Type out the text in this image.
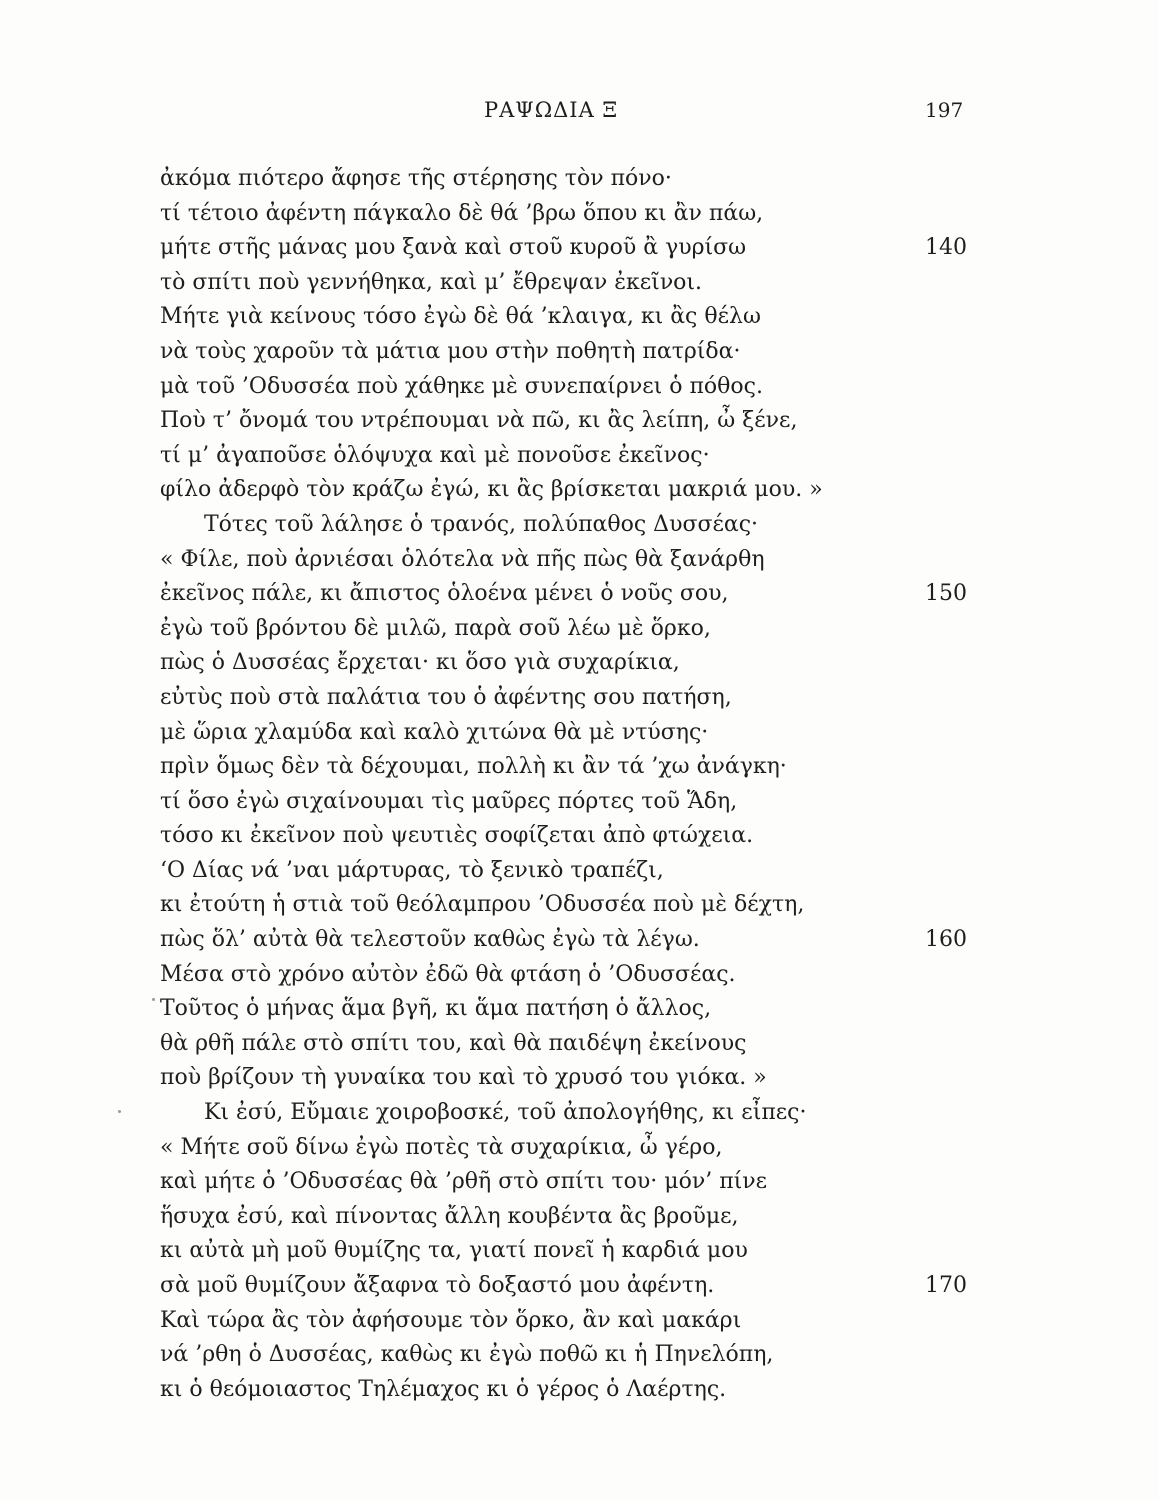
ΡΑΨΩΔΙΑ Ξ	197
ἀκόμα πιότερο ἄφησε τῆς στέρησης τὸν πόνο·
τί τέτοιο ἀφέντη πάγκαλο δὲ θά ’βρω ὅπου κι ἂν πάω,
μήτε στῆς μάνας μου ξανὰ καὶ στοῦ κυροῦ ἂ γυρίσω	140
τὸ σπίτι ποὺ γεννήθηκα, καὶ μ’ ἔθρεψαν ἐκεῖνοι.
Μήτε γιὰ κείνους τόσο ἐγὼ δὲ θά ’κλαιγα, κι ἂς θέλω
νὰ τοὺς χαροῦν τὰ μάτια μου στὴν ποθητὴ πατρίδα·
μὰ τοῦ ’Οδυσσέα ποὺ χάθηκε μὲ συνεπαίρνει ὁ πόθος.
Ποὺ τ’ ὄνομά του ντρέπουμαι νὰ πῶ, κι ἂς λείπη, ὦ ξένε,
τί μ’ ἀγαποῦσε ὁλόψυχα καὶ μὲ πονοῦσε ἐκεῖνος·
φίλο ἀδερφὸ τὸν κράζω ἐγώ, κι ἂς βρίσκεται μακριά μου. »
Τότες τοῦ λάλησε ὁ τρανός, πολύπαθος Δυσσέας·
« Φίλε, ποὺ ἀρνιέσαι ὁλότελα νὰ πῆς πὼς θὰ ξανάρθη
ἐκεῖνος πάλε, κι ἄπιστος ὁλοένα μένει ὁ νοῦς σου,	150
ἐγὼ τοῦ βρόντου δὲ μιλῶ, παρὰ σοῦ λέω μὲ ὅρκο,
πὼς ὁ Δυσσέας ἔρχεται· κι ὅσο γιὰ συχαρίκια,
εὐτὺς ποὺ στὰ παλάτια του ὁ ἀφέντης σου πατήση,
μὲ ὥρια χλαμύδα καὶ καλὸ χιτώνα θὰ μὲ ντύσης·
πρὶν ὅμως δὲν τὰ δέχουμαι, πολλὴ κι ἂν τά ’χω ἀνάγκη·
τί ὅσο ἐγὼ σιχαίνουμαι τὶς μαῦρες πόρτες τοῦ Ἅδη,
τόσο κι ἐκεῖνον ποὺ ψευτιὲς σοφίζεται ἀπὸ φτώχεια.
‘Ο Δίας νά ’ναι μάρτυρας, τὸ ξενικὸ τραπέζι,
κι ἐτούτη ἡ στιὰ τοῦ θεόλαμπρου ’Οδυσσέα ποὺ μὲ δέχτη,
πὼς ὅλ’ αὐτὰ θὰ τελεστοῦν καθὼς ἐγὼ τὰ λέγω.	160
Μέσα στὸ χρόνο αὐτὸν ἐδῶ θὰ φτάση ὁ ’Οδυσσέας.
Τοῦτος ὁ μήνας ἅμα βγῆ, κι ἅμα πατήση ὁ ἄλλος,
θὰ ρθῆ πάλε στὸ σπίτι του, καὶ θὰ παιδέψη ἐκείνους
ποὺ βρίζουν τὴ γυναίκα του καὶ τὸ χρυσό του γιόκα. »
Κι ἐσύ, Εὔμαιε χοιροβοσκέ, τοῦ ἀπολογήθης, κι εἶπες·
« Μήτε σοῦ δίνω ἐγὼ ποτὲς τὰ συχαρίκια, ὦ γέρο,
καὶ μήτε ὁ ’Οδυσσέας θὰ ’ρθῆ στὸ σπίτι του· μόν’ πίνε
ἥσυχα ἐσύ, καὶ πίνοντας ἄλλη κουβέντα ἂς βροῦμε,
κι αὐτὰ μὴ μοῦ θυμίζης τα, γιατί πονεῖ ἡ καρδιά μου
σὰ μοῦ θυμίζουν ἄξαφνα τὸ δοξαστό μου ἀφέντη.	170
Καὶ τώρα ἂς τὸν ἀφήσουμε τὸν ὅρκο, ἂν καὶ μακάρι
νά ’ρθη ὁ Δυσσέας, καθὼς κι ἐγὼ ποθῶ κι ἡ Πηνελόπη,
κι ὁ θεόμοιαστος Τηλέμαχος κι ὁ γέρος ὁ Λαέρτης.
